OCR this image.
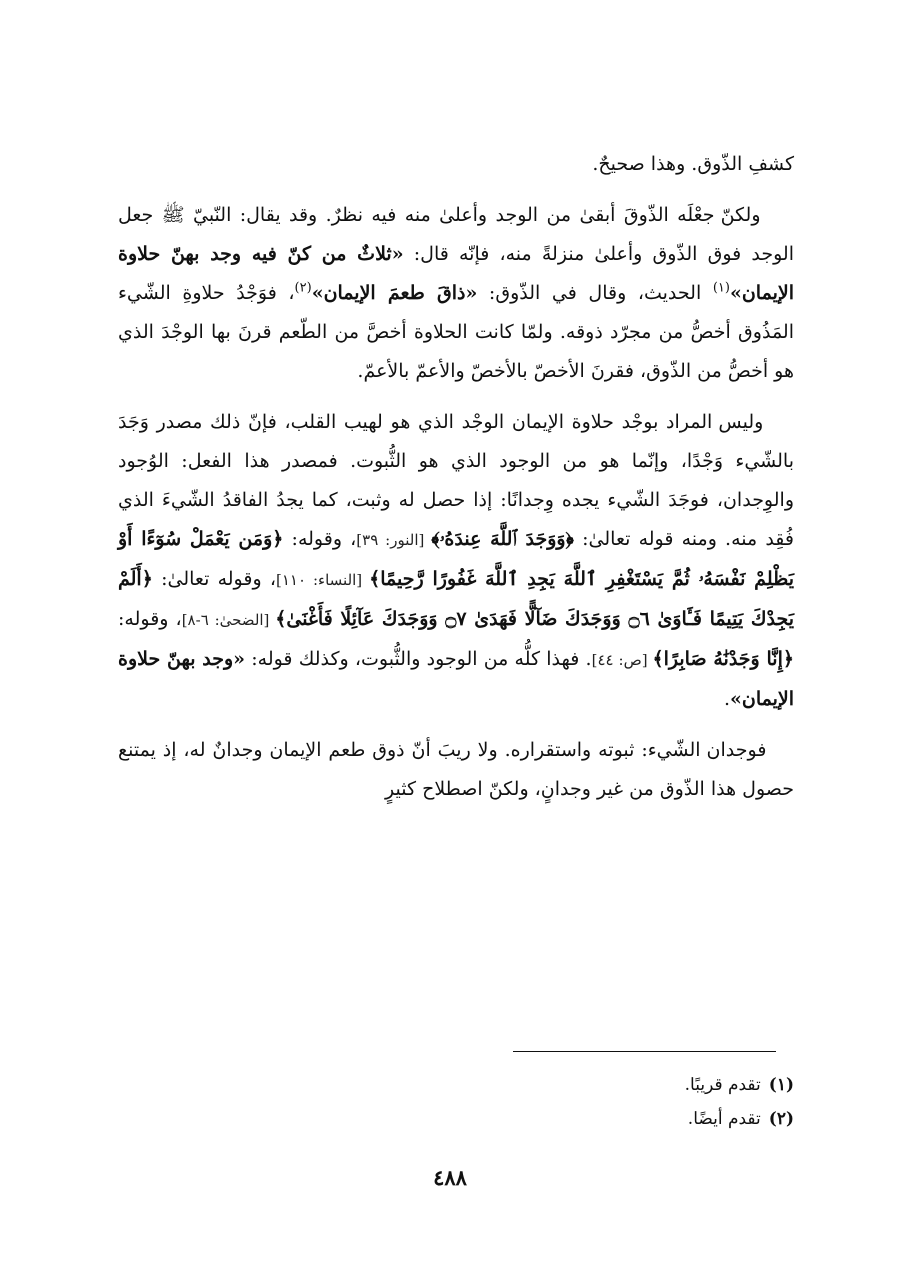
كشفِ الذّوق. وهذا صحيحٌ.

ولكنّ جعْلَه الذّوقَ أبقىٰ من الوجد وأعلىٰ منه فيه نظرٌ. وقد يقال: النّبيّ ﷺ جعل الوجد فوق الذّوق وأعلىٰ منزلةً منه، فإنّه قال: «ثلاثٌ من كنّ فيه وجد بهنّ حلاوة الإيمان»$^{(١)}$ الحديث، وقال في الذّوق: «ذاقَ طعمَ الإيمان»$^{(٢)}$، فوَجْدُ حلاوةِ الشّيء المَذُوق أخصُّ من مجرّد ذوقه. ولمّا كانت الحلاوة أخصَّ من الطّعم قرنَ بها الوجْدَ الذي هو أخصُّ من الذّوق، فقرنَ الأخصّ بالأخصّ والأعمّ بالأعمّ.

وليس المراد بوجْد حلاوة الإيمان الوجْد الذي هو لهيب القلب، فإنّ ذلك مصدر وَجَدَ بالشّيء وَجْدًا، وإنّما هو من الوجود الذي هو الثُّبوت. فمصدر هذا الفعل: الوُجود والوِجدان، فوجَدَ الشّيء يجده وِجدانًا: إذا حصل له وثبت، كما يجدُ الفاقدُ الشّيءَ الذي فُقِد منه. ومنه قوله تعالىٰ: ﴿وَوَجَدَ ٱللَّهَ عِندَهُۥ﴾ [النور: ٣٩]، وقوله: ﴿وَمَن يَعْمَلْ سُوٓءًا أَوْ يَظْلِمْ نَفْسَهُۥ ثُمَّ يَسْتَغْفِرِ ٱللَّهَ يَجِدِ ٱللَّهَ غَفُورًا رَّحِيمًا﴾ [النساء: ١١٠]، وقوله تعالىٰ: ﴿أَلَمْ يَجِدْكَ يَتِيمًا فَـَٔاوَىٰ ۝٦ وَوَجَدَكَ ضَآلًّا فَهَدَىٰ ۝٧ وَوَجَدَكَ عَآئِلًا فَأَغْنَىٰ﴾ [الضحىٰ: ٦-٨]، وقوله: ﴿إِنَّا وَجَدْنَٰهُ صَابِرًا﴾ [ص: ٤٤]. فهذا كلُّه من الوجود والثُّبوت، وكذلك قوله: «وجد بهنّ حلاوة الإيمان».

فوجدان الشّيء: ثبوته واستقراره. ولا ريبَ أنّ ذوق طعم الإيمان وجدانٌ له، إذ يمتنع حصول هذا الذّوق من غير وجدانٍ، ولكنّ اصطلاح كثيرٍ

(١)تقدم قريبًا.
(٢)تقدم أيضًا.
٤٨٨
